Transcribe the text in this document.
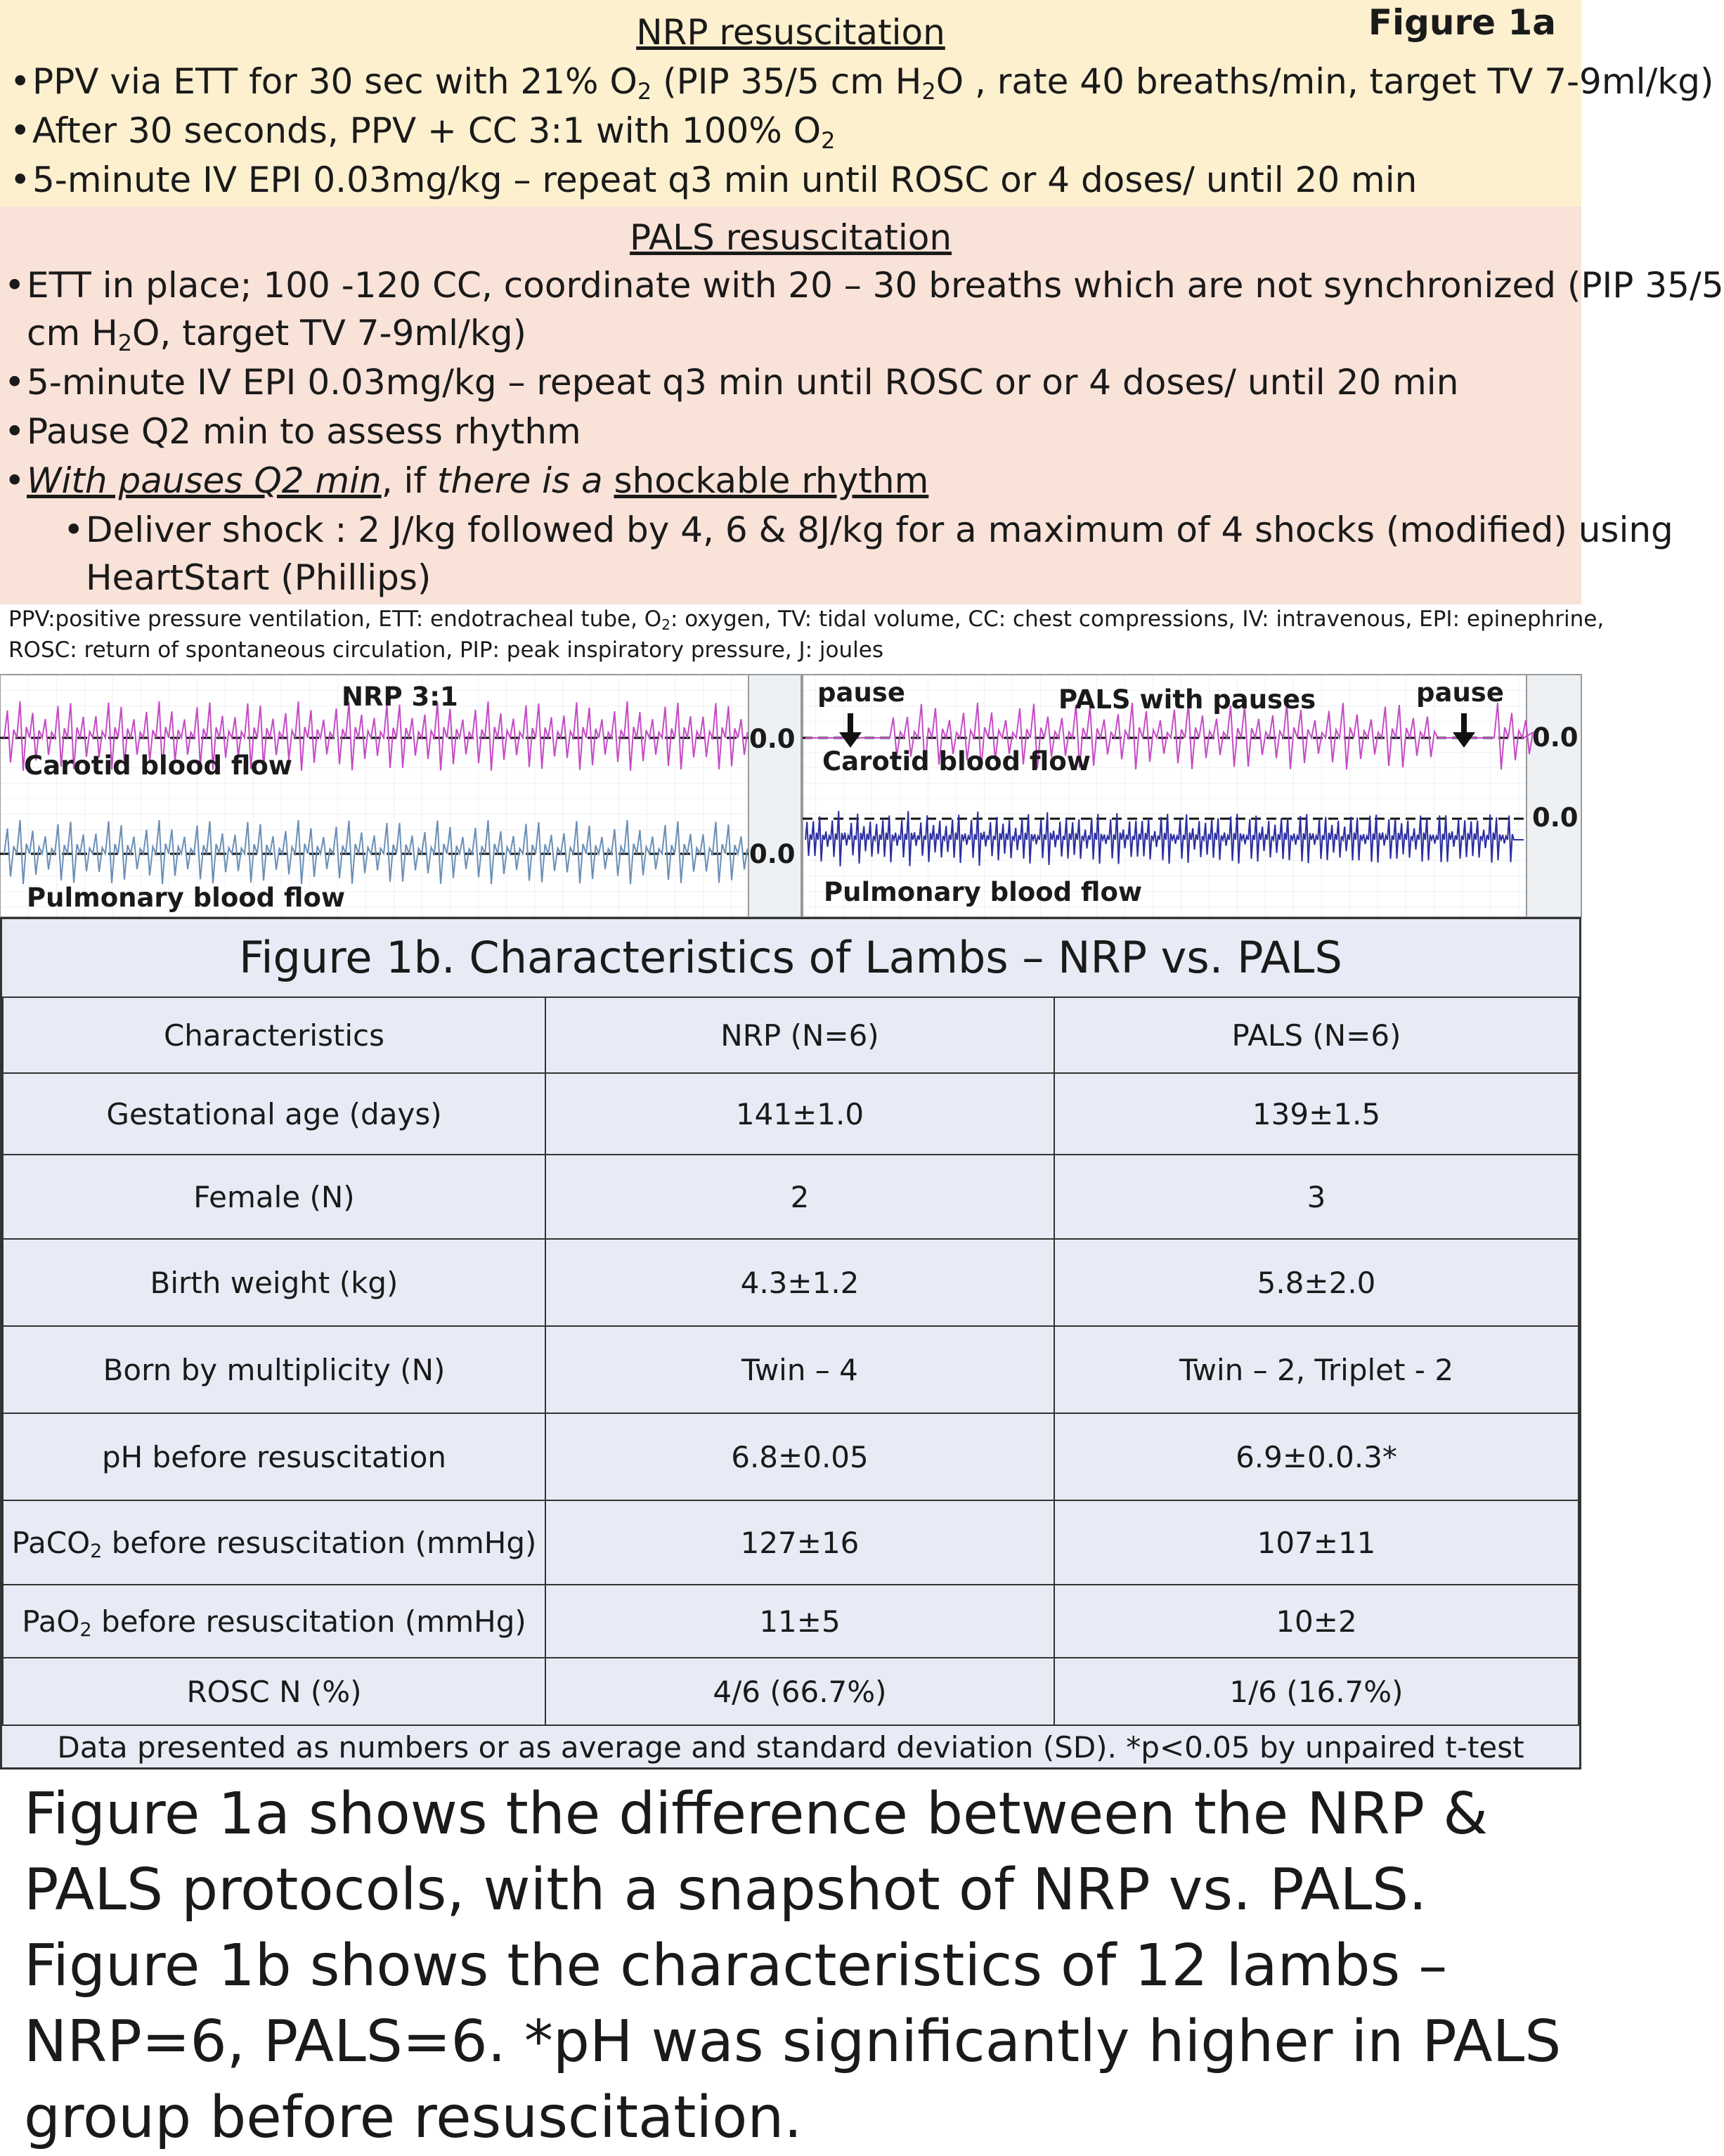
NRP resuscitation	Figure 1a
• PPV via ETT for 30 sec with 21% $O_2$ (PIP 35/5 cm $H_2O$ , rate 40 breaths/min, target TV 7-9ml/kg)
• After 30 seconds, PPV + CC 3:1 with 100% $O_2$
• 5-minute IV EPI 0.03mg/kg – repeat q3 min until ROSC or 4 doses/ until 20 min
PALS resuscitation
• ETT in place; 100 -120 CC, coordinate with 20 – 30 breaths which are not synchronized (PIP 35/5
cm $H_2O$, target TV 7-9ml/kg)
• 5-minute IV EPI 0.03mg/kg – repeat q3 min until ROSC or or 4 doses/ until 20 min
• Pause Q2 min to assess rhythm
• With pauses Q2 min, if there is a shockable rhythm
• Deliver shock : 2 J/kg followed by 4, 6 & 8J/kg for a maximum of 4 shocks (modified) using
HeartStart (Phillips)
PPV:positive pressure ventilation, ETT: endotracheal tube, $O_2$: oxygen, TV: tidal volume, CC: chest compressions, IV: intravenous, EPI: epinephrine,
ROSC: return of spontaneous circulation, PIP: peak inspiratory pressure, J: joules
NRP 3:1	PALS with pauses
pause	pause
Carotid blood flow
Pulmonary blood flow
Carotid blood flow
Pulmonary blood flow
0.0
0.0
0.0
0.0
Figure 1b. Characteristics of Lambs – NRP vs. PALS
Characteristics	NRP (N=6)	PALS (N=6)
Gestational age (days)	141±1.0	139±1.5
Female (N)	2	3
Birth weight (kg)	4.3±1.2	5.8±2.0
Born by multiplicity (N)	Twin – 4	Twin – 2, Triplet - 2
pH before resuscitation	6.8±0.05	6.9±0.0.3*
PaCO$_2$ before resuscitation (mmHg)	127±16	107±11
PaO$_2$ before resuscitation (mmHg)	11±5	10±2
ROSC N (%)	4/6 (66.7%)	1/6 (16.7%)
Data presented as numbers or as average and standard deviation (SD). *p<0.05 by unpaired t-test
Figure 1a shows the difference between the NRP & PALS protocols, with a snapshot of NRP vs. PALS. Figure 1b shows the characteristics of 12 lambs – NRP=6, PALS=6. *pH was significantly higher in PALS group before resuscitation.
